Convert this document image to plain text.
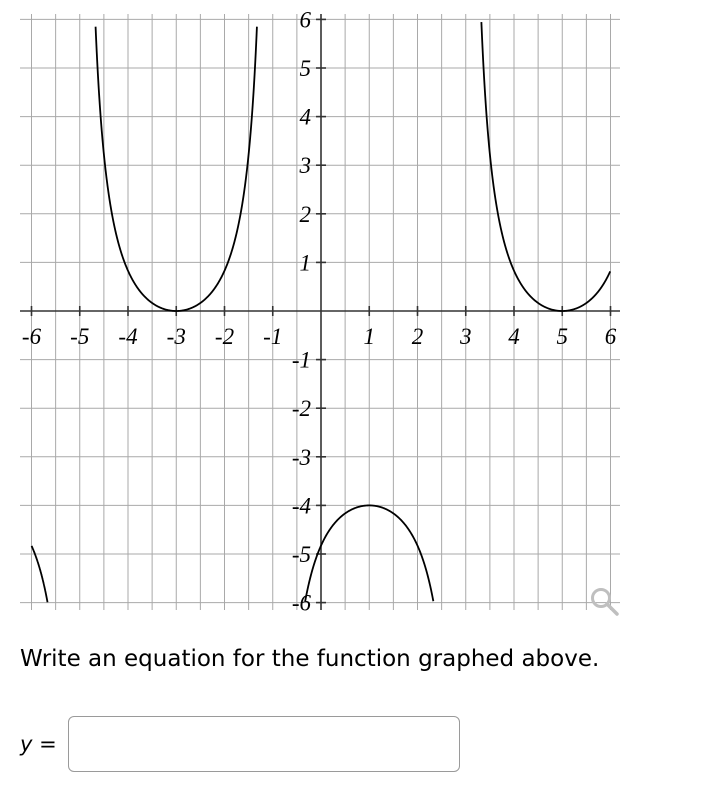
-6 -5 -4 -3 -2 -1	1 2 3 4 5 6
6
5
4
3
2
1
-1
-2
-3
-4
-5
-6
Write an equation for the function graphed above.
y =
